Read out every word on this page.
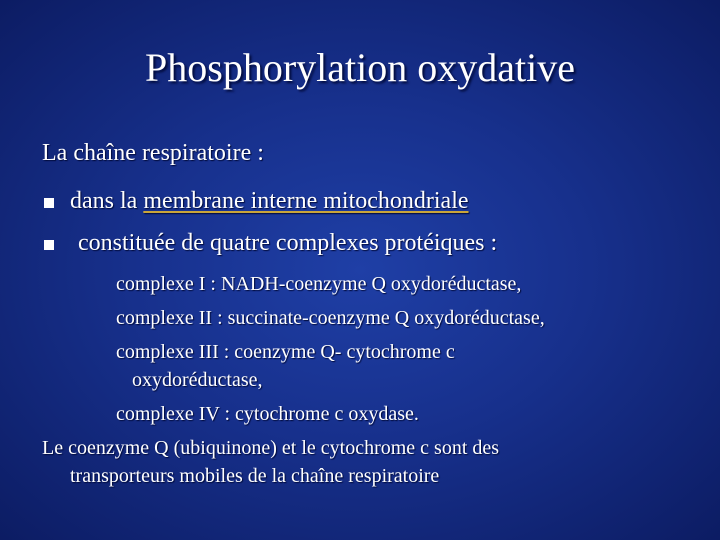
Phosphorylation oxydative
La chaîne respiratoire :
dans la membrane interne mitochondriale
constituée de quatre complexes protéiques :
complexe I : NADH-coenzyme Q oxydoréductase,
complexe II : succinate-coenzyme Q oxydoréductase,
complexe III : coenzyme Q- cytochrome c
oxydoréductase,
complexe IV : cytochrome c oxydase.
Le coenzyme Q (ubiquinone) et le cytochrome c sont des
transporteurs mobiles de la chaîne respiratoire
